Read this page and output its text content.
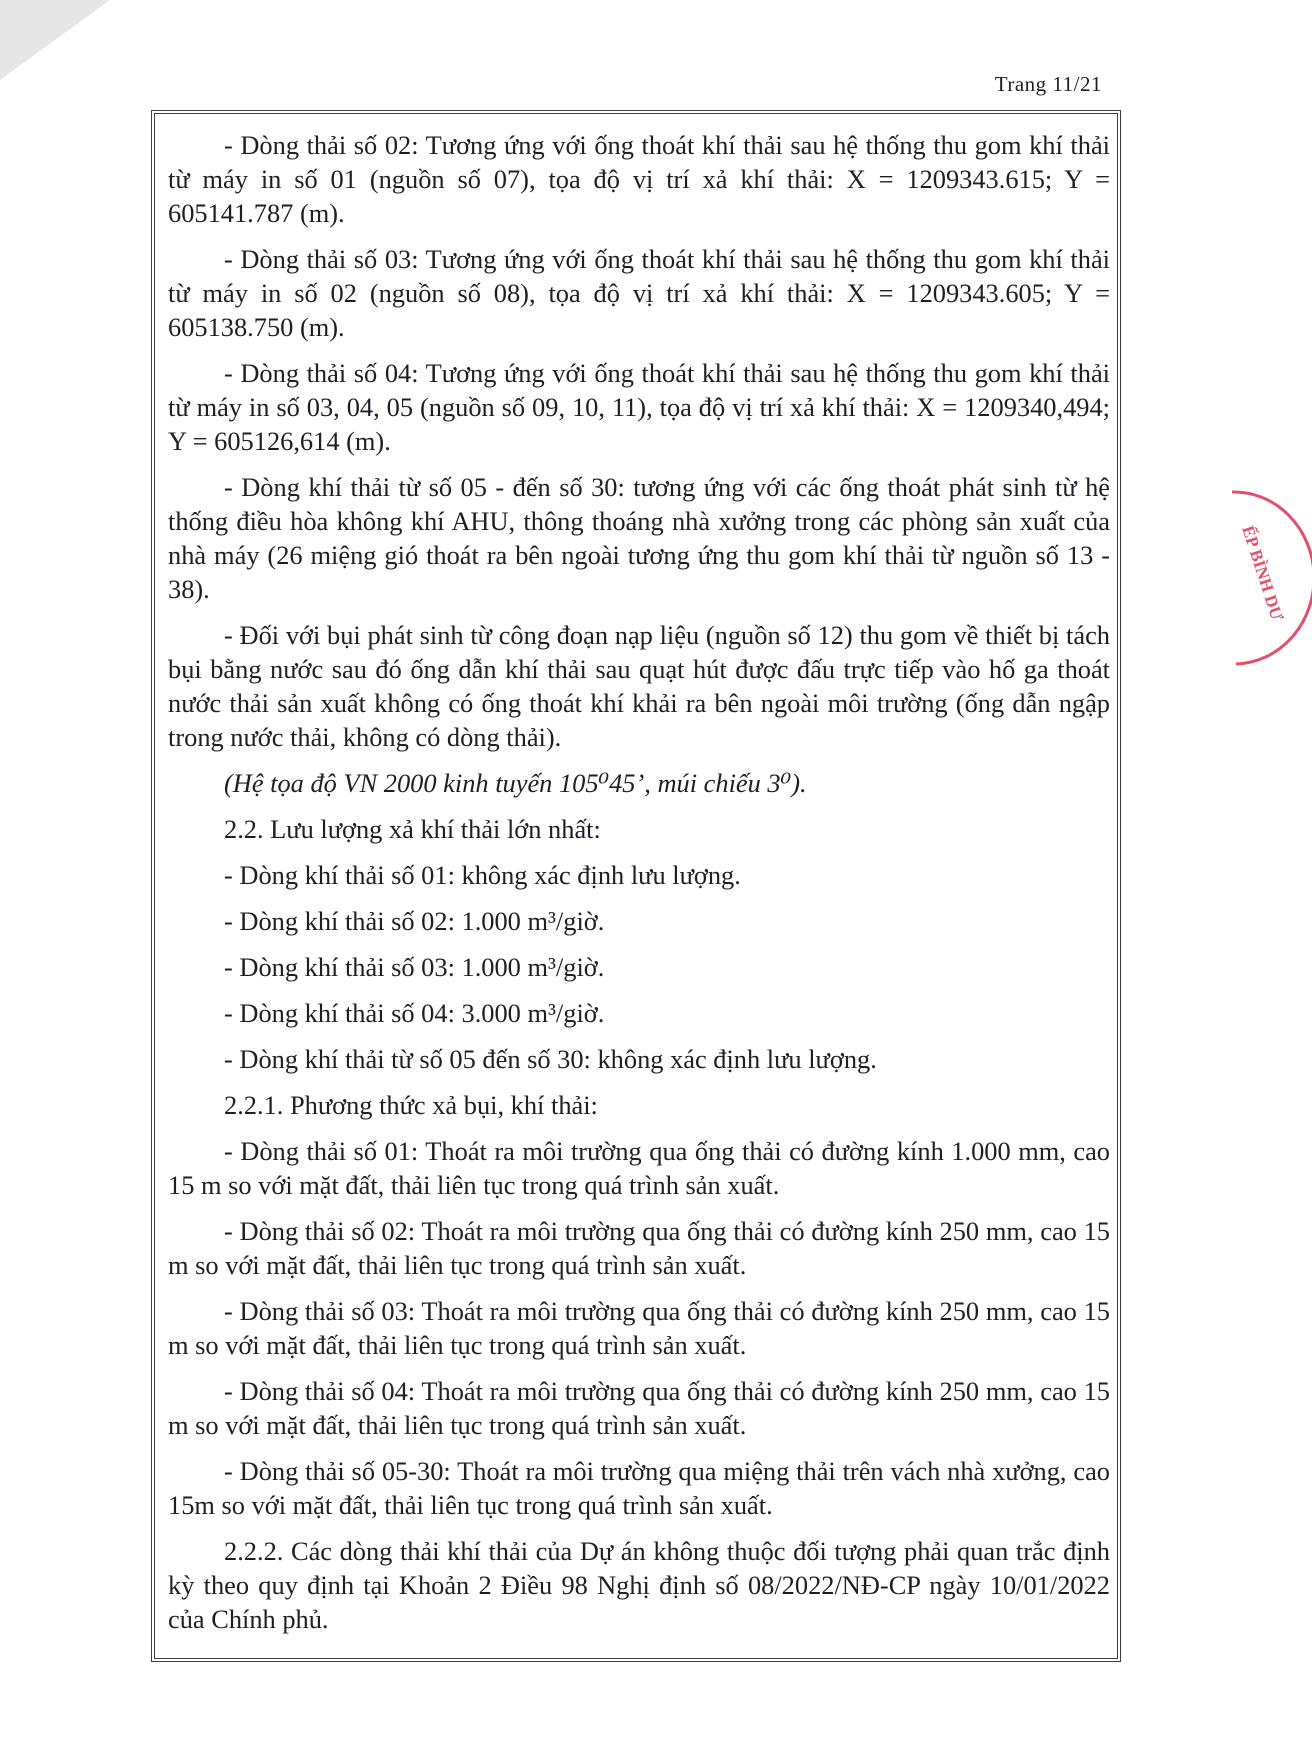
Trang 11/21

- Dòng thải số 02: Tương ứng với ống thoát khí thải sau hệ thống thu gom khí thải từ máy in số 01 (nguồn số 07), tọa độ vị trí xả khí thải: X = 1209343.615; Y = 605141.787 (m).

- Dòng thải số 03: Tương ứng với ống thoát khí thải sau hệ thống thu gom khí thải từ máy in số 02 (nguồn số 08), tọa độ vị trí xả khí thải: X = 1209343.605; Y = 605138.750 (m).

- Dòng thải số 04: Tương ứng với ống thoát khí thải sau hệ thống thu gom khí thải từ máy in số 03, 04, 05 (nguồn số 09, 10, 11), tọa độ vị trí xả khí thải: X = 1209340,494; Y = 605126,614 (m).

- Dòng khí thải từ số 05 - đến số 30: tương ứng với các ống thoát phát sinh từ hệ thống điều hòa không khí AHU, thông thoáng nhà xưởng trong các phòng sản xuất của nhà máy (26 miệng gió thoát ra bên ngoài tương ứng thu gom khí thải từ nguồn số 13 - 38).

- Đối với bụi phát sinh từ công đoạn nạp liệu (nguồn số 12) thu gom về thiết bị tách bụi bằng nước sau đó ống dẫn khí thải sau quạt hút được đấu trực tiếp vào hố ga thoát nước thải sản xuất không có ống thoát khí khải ra bên ngoài môi trường (ống dẫn ngập trong nước thải, không có dòng thải).

(Hệ tọa độ VN 2000 kinh tuyến 105⁰45’, múi chiếu 3⁰).

2.2. Lưu lượng xả khí thải lớn nhất:

- Dòng khí thải số 01: không xác định lưu lượng.

- Dòng khí thải số 02: 1.000 m³/giờ.

- Dòng khí thải số 03: 1.000 m³/giờ.

- Dòng khí thải số 04: 3.000 m³/giờ.

- Dòng khí thải từ số 05 đến số 30: không xác định lưu lượng.

2.2.1. Phương thức xả bụi, khí thải:

- Dòng thải số 01: Thoát ra môi trường qua ống thải có đường kính 1.000 mm, cao 15 m so với mặt đất, thải liên tục trong quá trình sản xuất.

- Dòng thải số 02: Thoát ra môi trường qua ống thải có đường kính 250 mm, cao 15 m so với mặt đất, thải liên tục trong quá trình sản xuất.

- Dòng thải số 03: Thoát ra môi trường qua ống thải có đường kính 250 mm, cao 15 m so với mặt đất, thải liên tục trong quá trình sản xuất.

- Dòng thải số 04: Thoát ra môi trường qua ống thải có đường kính 250 mm, cao 15 m so với mặt đất, thải liên tục trong quá trình sản xuất.

- Dòng thải số 05-30: Thoát ra môi trường qua miệng thải trên vách nhà xưởng, cao 15m so với mặt đất, thải liên tục trong quá trình sản xuất.

2.2.2. Các dòng thải khí thải của Dự án không thuộc đối tượng phải quan trắc định kỳ theo quy định tại Khoản 2 Điều 98 Nghị định số 08/2022/NĐ-CP ngày 10/01/2022 của Chính phủ.

ẾP BÌNH DƯ
